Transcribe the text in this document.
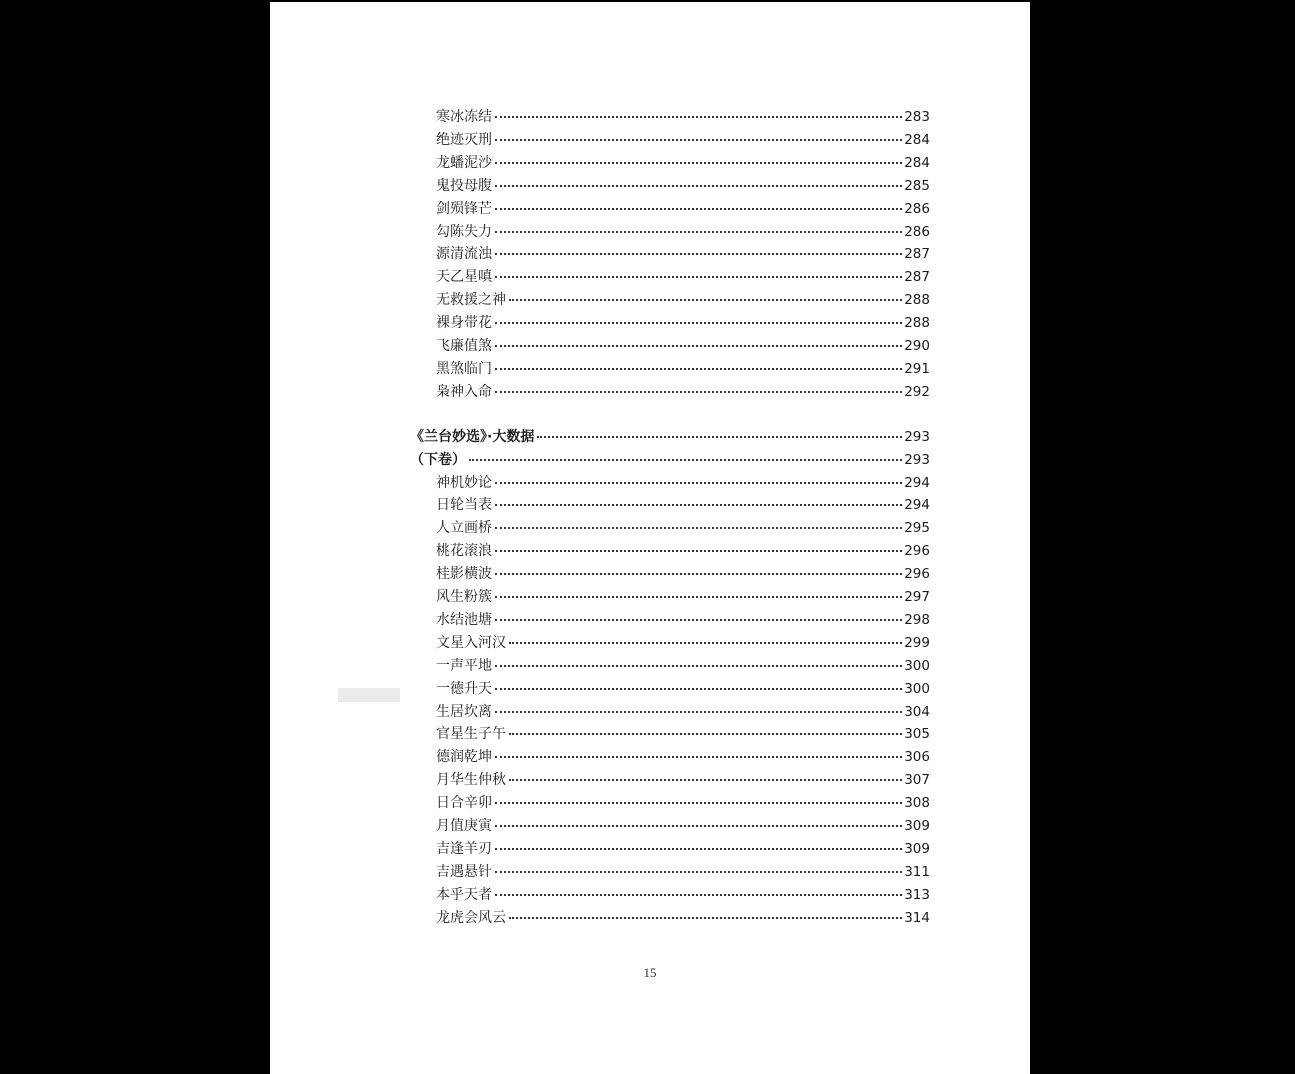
寒冰冻结	283
绝迹灭刑	284
龙蟠泥沙	284
鬼投母腹	285
剑殒锋芒	286
勾陈失力	286
源清流浊	287
天乙星嗔	287
无救援之神	288
裸身带花	288
飞廉值煞	290
黑煞临门	291
枭神入命	292
《兰台妙选》·大数据	293
（下卷）	293
神机妙论	294
日轮当表	294
人立画桥	295
桃花滚浪	296
桂影横波	296
风生粉簇	297
水结池塘	298
文星入河汉	299
一声平地	300
一德升天	300
生居坎离	304
官星生子午	305
德润乾坤	306
月华生仲秋	307
日合辛卯	308
月值庚寅	309
吉逢羊刃	309
吉遇悬针	311
本乎天者	313
龙虎会风云	314
15
